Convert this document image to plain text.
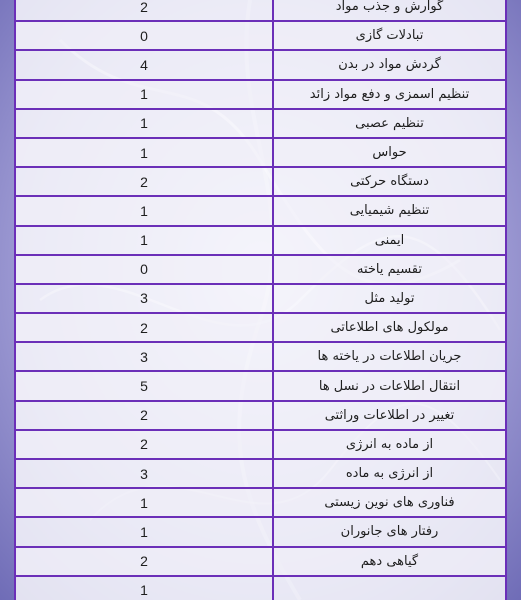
2	گوارش و جذب مواد
0	تبادلات گازی
4	گردش مواد در بدن
1	تنظیم اسمزی و دفع مواد زائد
1	تنظیم عصبی
1	حواس
2	دستگاه حرکتی
1	تنظیم شیمیایی
1	ایمنی
0	تقسیم یاخته
3	تولید مثل
2	مولکول های اطلاعاتی
3	جریان اطلاعات در یاخته ها
5	انتقال اطلاعات در نسل ها
2	تغییر در اطلاعات وراثتی
2	از ماده به انرژی
3	از انرژی به ماده
1	فناوری های نوین زیستی
1	رفتار های جانوران
2	گیاهی دهم
1	
